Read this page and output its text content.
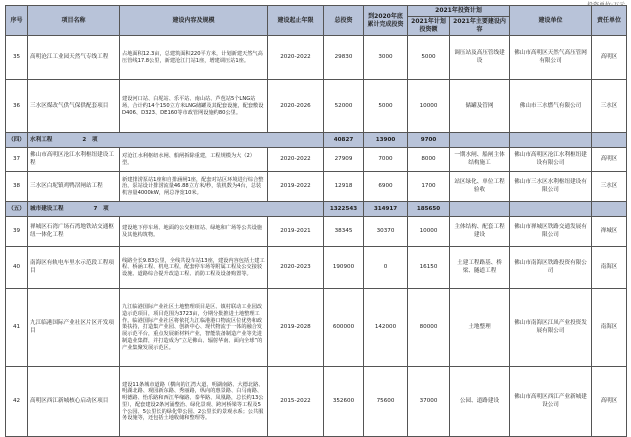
序号	项目名称	建设内容及规模	建设起止年限	总投资	到2020年底累计完成投资	2021年投资计划		建设单位	责任单位
						2021年计划投资额	2021年主要建设内容		
35	高明沧江工业园天然气专线工程	占地面积12.3亩，总建筑面积220平方米，计划新建天然气高压管线17.8公里，新建沧江门站1座，增建调压站1座。	2020-2022	29830	3000	5000	调压站及高压管线建设	佛山市高明区天然气高压管网有限公司	高明区
36	三水区煤改气供气保供配套项目	建设河口站、白坭站、乐平站、南山站、芦苞站5个LNG站场，合计约14个150立方米LNG储罐及其配套设施，配套敷设D406、D323、DE160等市政管网设施约80公里。	2020-2026	52000	5000	10000	储罐及管网	佛山市三水燃气有限公司	三水区
（四）	水利工程 2　项			40827	13900	9700			
37	佛山市高明区沧江水利枢纽建设工程	对沧江水利枢纽水闸、船闸拆除重建，工程规模为大（2）型。	2020-2022	27909	7000	8000	一期水闸、船闸主体结构施工	佛山市高明区沧江水利枢纽建设有限公司	高明区
38	三水区白坭镇鸡鸭滘闸站工程	新建排涝泵站1座和自排涵闸1座，配套对站区环境进行综合整治，泵站设计排涝流量46.88立方米/秒，装机数为4台，总装机容量4000kW，闸总净宽10米。	2019-2022	12918	6900	1700	站区绿化、单位工程验收	佛山市三水区水利枢纽建设有限公司	三水区
（五）	城市建设工程 7　项			1322543	314917	185650			
39	禅城区石湾广场石湾地铁站交通枢纽一体化工程	建设地下停车场、地面的公交枢纽站、绿地和广场等公共设施及其他构筑物。	2019-2021	38345	30370	10000	主体结构、配套工程建设	佛山市禅城区铁路交通发展有限公司	禅城区
40	南海区有轨电车里水示范段工程项目	线路全长9.83公里，全线共设车站13座，建设内容包括土建工程、桥涵工程、机电工程，配套停车场等附属工程及公交接驳设施、道路综合提升改造工程、消防工程及设备购置等。	2020-2023	190900	0	16150	土建工程路基、桥梁、隧道工程	佛山市南海区铁路投资有限公司	南海区
41	九江临港国际产业社区片区开发项目	九江临港国际产业社区土地整理项目是区、镇村联动工业园改造示范项目，项目范围为3723亩，分期分批推进土地整理工作。临港国际产业社区将依托九江临港港口物流区位优势和政策扶持，打造集产业园、创新中心、现代物流于一体的融合发展示范平台，重点发展新材料产业，智能装备制造产业等先进制造业集群，并打造成为“立足佛山、辐射华南、面向全球”的产业集聚发展示范区。	2019-2028	600000	142000	80000	土地整理	佛山市南海区江凤产业投资发展有限公司	南海区
42	高明区西江新城核心启动区项目	建设11条城市道路（横向的江湾大道、明湖南路、大德北路、明湖北路、观园新东路、秀丽路，纵向的惠景路、白马南路、明德路、怡乐路和西江华缘路、泰华路、凤凰路，总长约13公里），配套建设2条河涌整治、绿化景观、跨河桥梁等工程及5个公园、5公里长的绿化带公园、2公里长的景观水系；公共服务设施等，还包括土地收储和整理等。	2015-2022	352600	75600	37000	公园、道路建设	佛山市高明区西江产业新城建设公司	高明区
